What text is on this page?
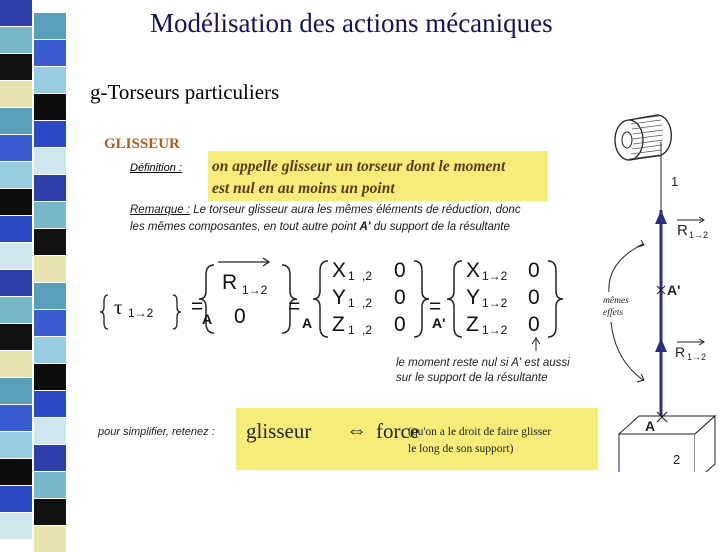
Modélisation des actions mécaniques
g-Torseurs particuliers
GLISSEUR
Définition : on appelle glisseur un torseur dont le moment
est nul en au moins un point
Remarque : Le torseur glisseur aura les mêmes éléments de réduction, donc
les mêmes composantes, en tout autre point A' du support de la résultante
τ 1→2 =
R 1→2
A 0 =
X 1 ,2
Y 1 ,2
Z 1 ,2
0
0
0
A
=
X 1→2
Y 1→2
Z 1→2
0
0
0
A'
le moment reste nul si A' est aussi
sur le support de la résultante
pour simplifier, retenez : glisseur ⇔ force
(qu'on a le droit de faire glisser
le long de son support)
1
R 1→2
A'
mêmes
effets
R 1→2
A
2
